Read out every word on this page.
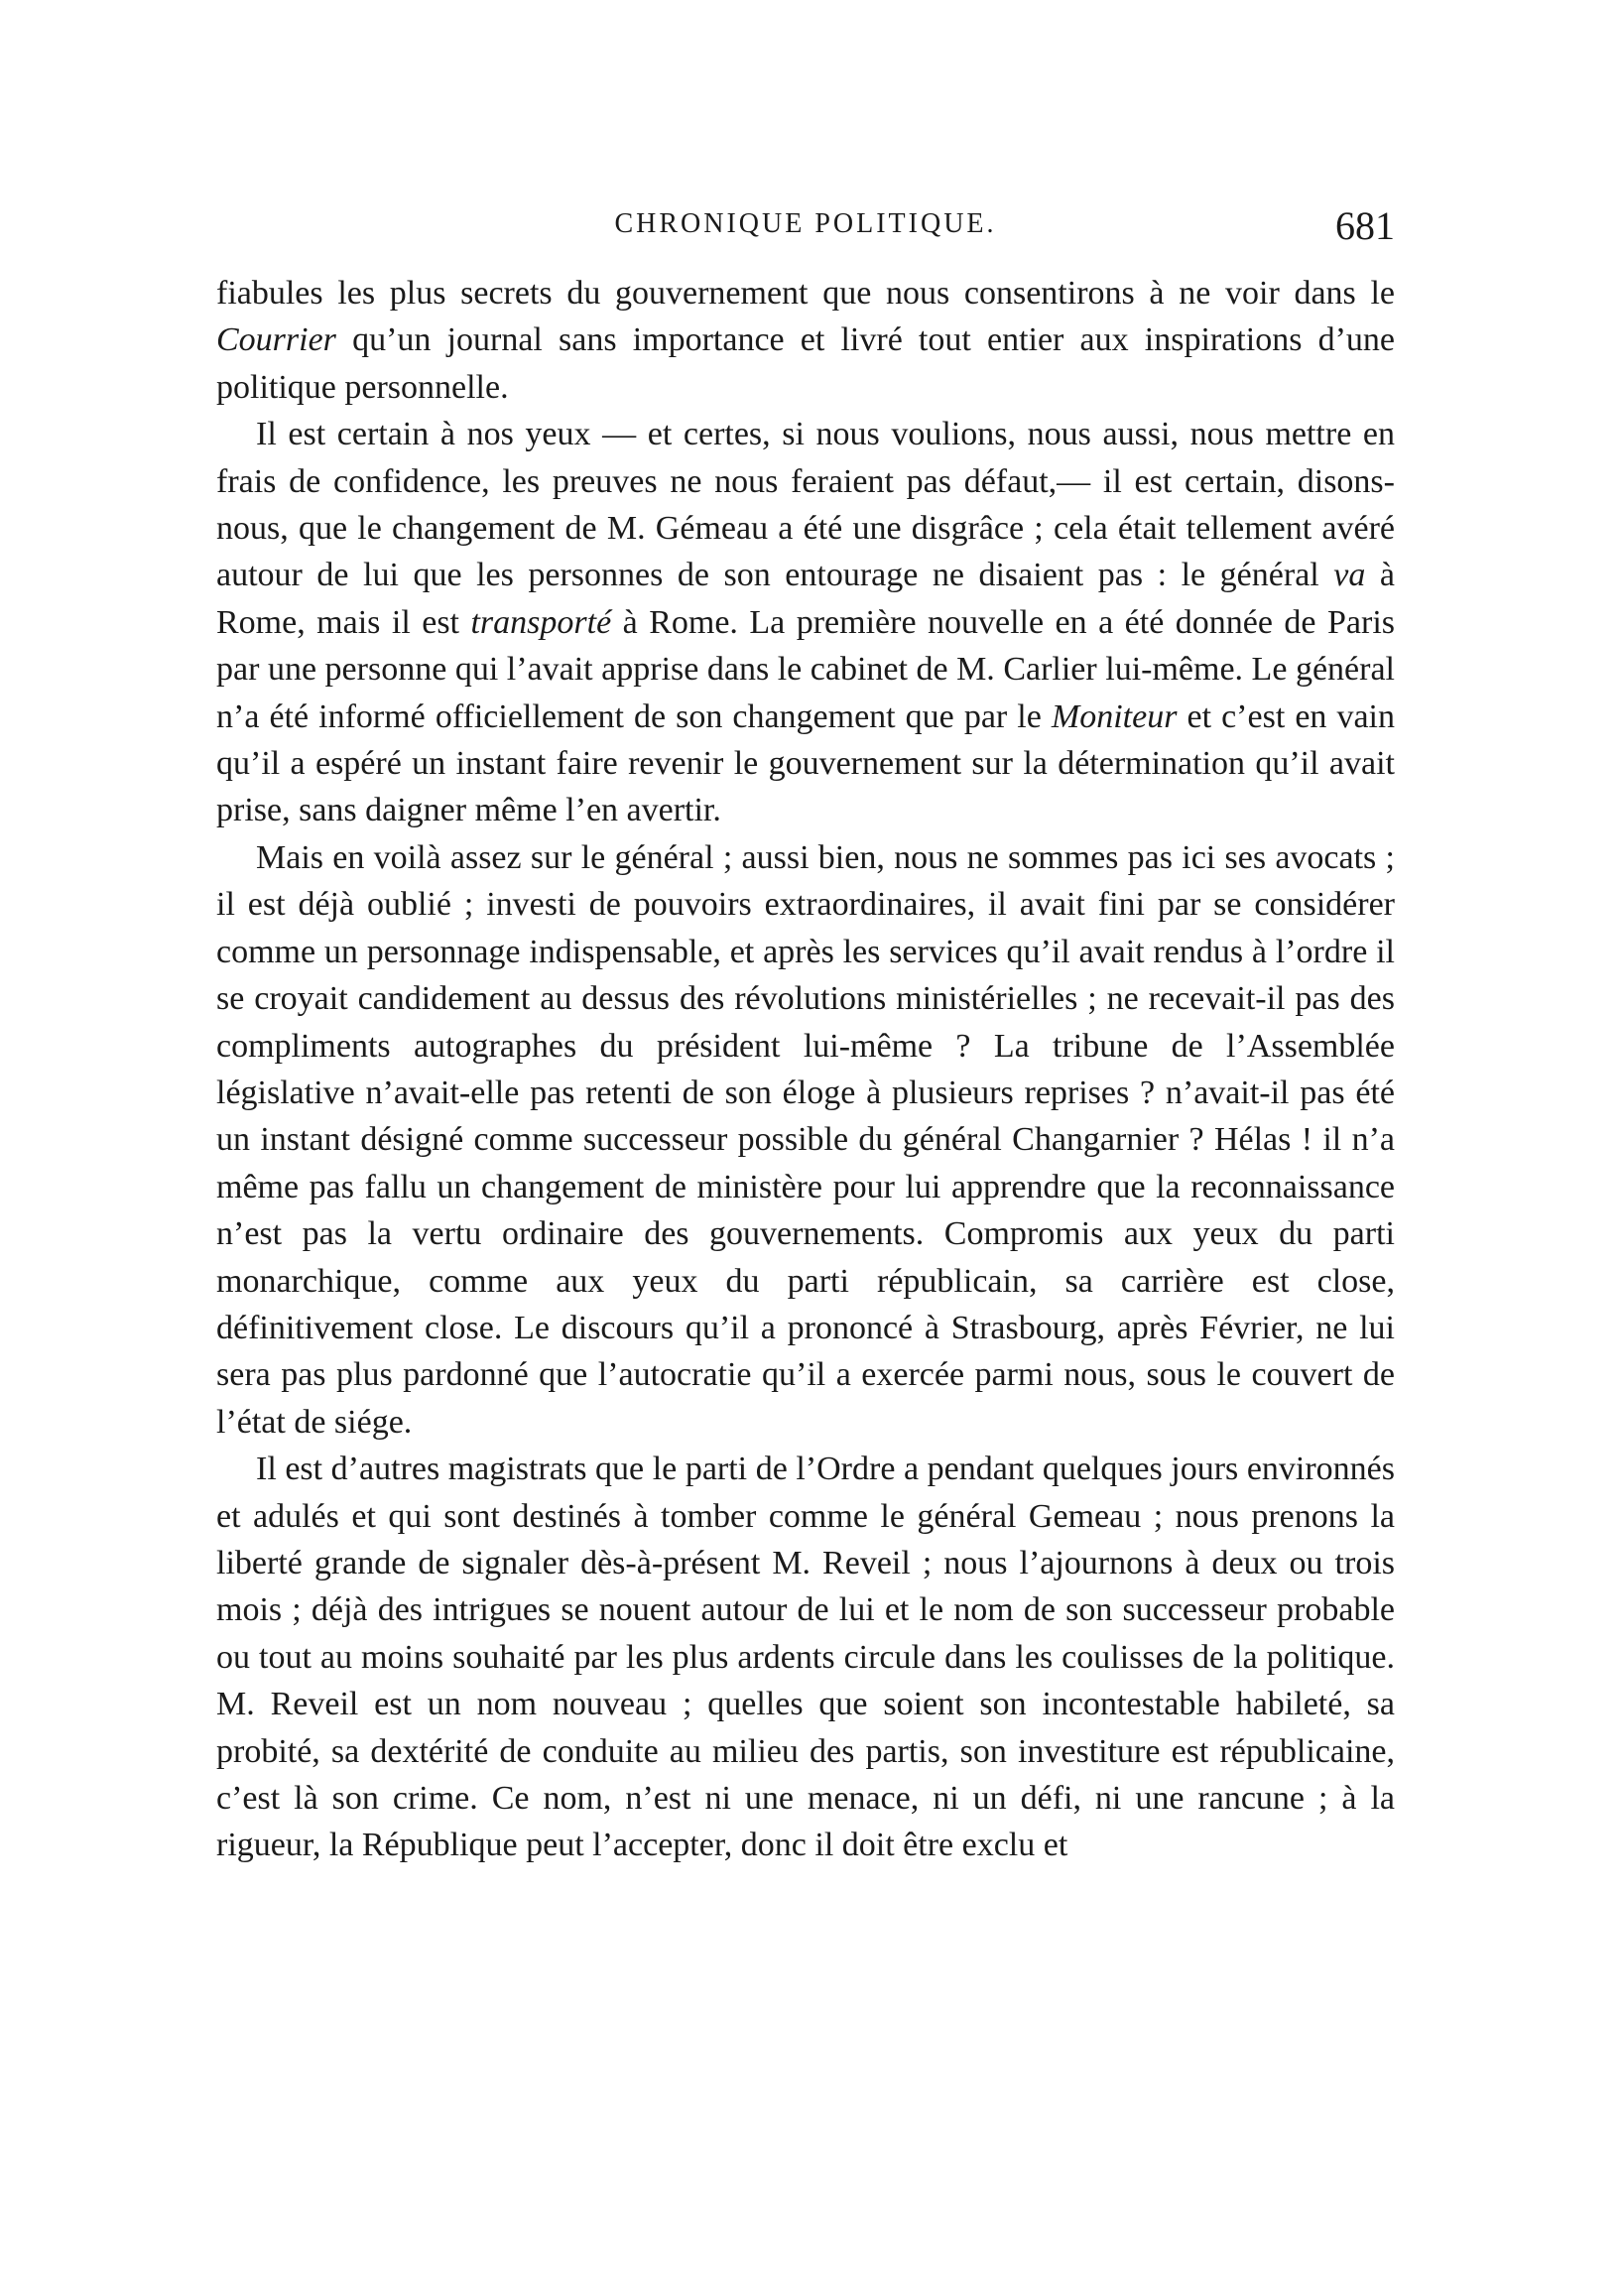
CHRONIQUE POLITIQUE.	681

fiabules les plus secrets du gouvernement que nous consentirons à ne voir dans le Courrier qu’un journal sans importance et livré tout entier aux inspirations d’une politique personnelle.

Il est certain à nos yeux — et certes, si nous voulions, nous aussi, nous mettre en frais de confidence, les preuves ne nous feraient pas défaut,— il est certain, disons-nous, que le changement de M. Gémeau a été une disgrâce ; cela était tellement avéré autour de lui que les personnes de son entourage ne disaient pas : le général va à Rome, mais il est transporté à Rome. La première nouvelle en a été donnée de Paris par une personne qui l’avait apprise dans le cabinet de M. Carlier lui-même. Le général n’a été informé officiellement de son changement que par le Moniteur et c’est en vain qu’il a espéré un instant faire revenir le gouvernement sur la détermination qu’il avait prise, sans daigner même l’en avertir.

Mais en voilà assez sur le général ; aussi bien, nous ne sommes pas ici ses avocats ; il est déjà oublié ; investi de pouvoirs extraordinaires, il avait fini par se considérer comme un personnage indispensable, et après les services qu’il avait rendus à l’ordre il se croyait candidement au dessus des révolutions ministérielles ; ne recevait-il pas des compliments autographes du président lui-même ? La tribune de l’Assemblée législative n’avait-elle pas retenti de son éloge à plusieurs reprises ? n’avait-il pas été un instant désigné comme successeur possible du général Changarnier ? Hélas ! il n’a même pas fallu un changement de ministère pour lui apprendre que la reconnaissance n’est pas la vertu ordinaire des gouvernements. Compromis aux yeux du parti monarchique, comme aux yeux du parti républicain, sa carrière est close, définitivement close. Le discours qu’il a prononcé à Strasbourg, après Février, ne lui sera pas plus pardonné que l’autocratie qu’il a exercée parmi nous, sous le couvert de l’état de siége.

Il est d’autres magistrats que le parti de l’Ordre a pendant quelques jours environnés et adulés et qui sont destinés à tomber comme le général Gemeau ; nous prenons la liberté grande de signaler dès-à-présent M. Reveil ; nous l’ajournons à deux ou trois mois ; déjà des intrigues se nouent autour de lui et le nom de son successeur probable ou tout au moins souhaité par les plus ardents circule dans les coulisses de la politique. M. Reveil est un nom nouveau ; quelles que soient son incontestable habileté, sa probité, sa dextérité de conduite au milieu des partis, son investiture est républicaine, c’est là son crime. Ce nom, n’est ni une menace, ni un défi, ni une rancune ; à la rigueur, la République peut l’accepter, donc il doit être exclu et
